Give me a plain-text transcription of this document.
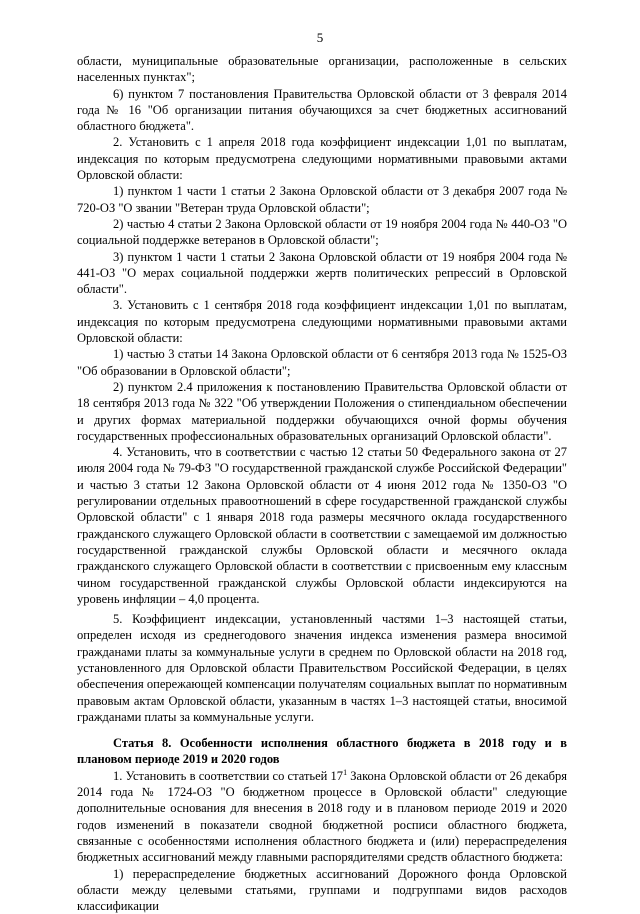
5

области, муниципальные образовательные организации, расположенные в сельских населенных пунктах";

6) пунктом 7 постановления Правительства Орловской области от 3 февраля 2014 года № 16 "Об организации питания обучающихся за счет бюджетных ассигнований областного бюджета".

2. Установить с 1 апреля 2018 года коэффициент индексации 1,01 по выплатам, индексация по которым предусмотрена следующими нормативными правовыми актами Орловской области:

1) пунктом 1 части 1 статьи 2 Закона Орловской области от 3 декабря 2007 года № 720-ОЗ "О звании "Ветеран труда Орловской области";

2) частью 4 статьи 2 Закона Орловской области от 19 ноября 2004 года № 440-ОЗ "О социальной поддержке ветеранов в Орловской области";

3) пунктом 1 части 1 статьи 2 Закона Орловской области от 19 ноября 2004 года № 441-ОЗ "О мерах социальной поддержки жертв политических репрессий в Орловской области".

3. Установить с 1 сентября 2018 года коэффициент индексации 1,01 по выплатам, индексация по которым предусмотрена следующими нормативными правовыми актами Орловской области:

1) частью 3 статьи 14 Закона Орловской области от 6 сентября 2013 года № 1525-ОЗ "Об образовании в Орловской области";

2) пунктом 2.4 приложения к постановлению Правительства Орловской области от 18 сентября 2013 года № 322 "Об утверждении Положения о стипендиальном обеспечении и других формах материальной поддержки обучающихся очной формы обучения государственных профессиональных образовательных организаций Орловской области".

4. Установить, что в соответствии с частью 12 статьи 50 Федерального закона от 27 июля 2004 года № 79-ФЗ "О государственной гражданской службе Российской Федерации" и частью 3 статьи 12 Закона Орловской области от 4 июня 2012 года № 1350-ОЗ "О регулировании отдельных правоотношений в сфере государственной гражданской службы Орловской области" с 1 января 2018 года размеры месячного оклада государственного гражданского служащего Орловской области в соответствии с замещаемой им должностью государственной гражданской службы Орловской области и месячного оклада гражданского служащего Орловской области в соответствии с присвоенным ему классным чином государственной гражданской службы Орловской области индексируются на уровень инфляции – 4,0 процента.

5. Коэффициент индексации, установленный частями 1–3 настоящей статьи, определен исходя из среднегодового значения индекса изменения размера вносимой гражданами платы за коммунальные услуги в среднем по Орловской области на 2018 год, установленного для Орловской области Правительством Российской Федерации, в целях обеспечения опережающей компенсации получателям социальных выплат по нормативным правовым актам Орловской области, указанным в частях 1–3 настоящей статьи, вносимой гражданами платы за коммунальные услуги.

Статья 8. Особенности исполнения областного бюджета в 2018 году и в плановом периоде 2019 и 2020 годов

1. Установить в соответствии со статьей $17^1$ Закона Орловской области от 26 декабря 2014 года № 1724-ОЗ "О бюджетном процессе в Орловской области" следующие дополнительные основания для внесения в 2018 году и в плановом периоде 2019 и 2020 годов изменений в показатели сводной бюджетной росписи областного бюджета, связанные с особенностями исполнения областного бюджета и (или) перераспределения бюджетных ассигнований между главными распорядителями средств областного бюджета:

1) перераспределение бюджетных ассигнований Дорожного фонда Орловской области между целевыми статьями, группами и подгруппами видов расходов классификации
